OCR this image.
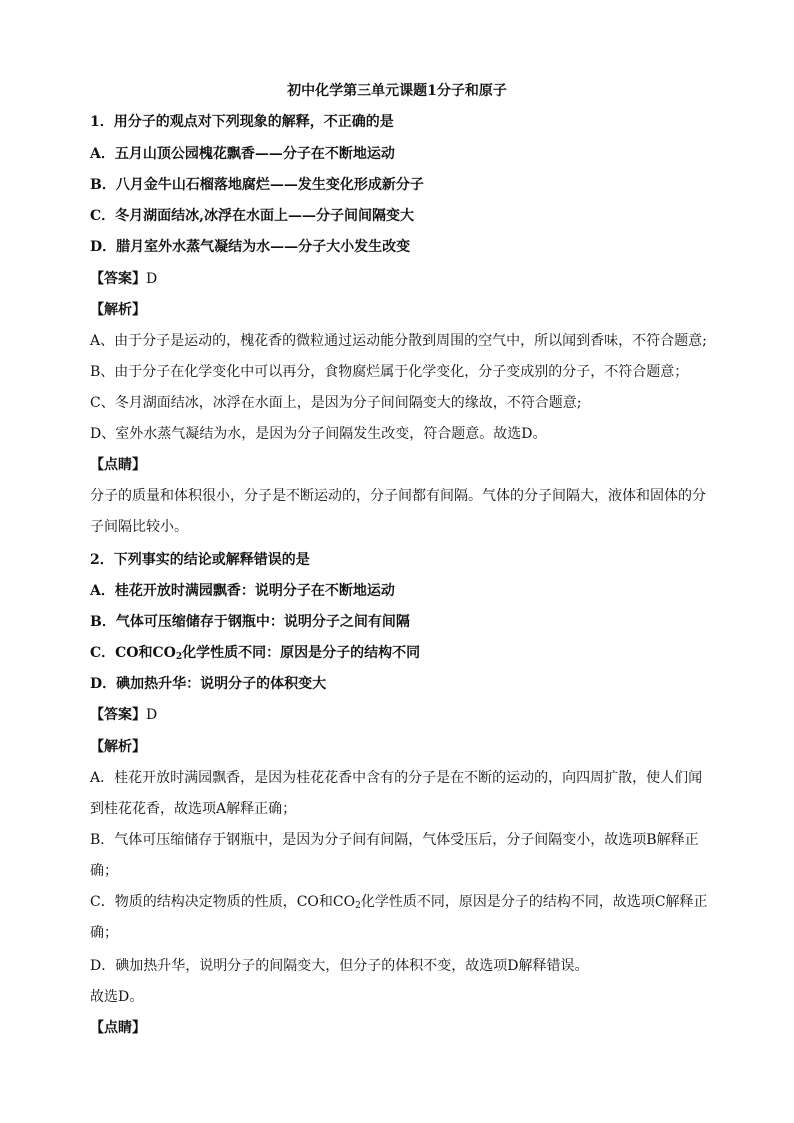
初中化学第三单元课题1分子和原子
1．用分子的观点对下列现象的解释，不正确的是
A．五月山顶公园槐花飘香——分子在不断地运动
B．八月金牛山石榴落地腐烂——发生变化形成新分子
C．冬月湖面结冰,冰浮在水面上——分子间间隔变大
D．腊月室外水蒸气凝结为水——分子大小发生改变
【答案】D
【解析】
A、由于分子是运动的，槐花香的微粒通过运动能分散到周围的空气中，所以闻到香味，不符合题意;
B、由于分子在化学变化中可以再分，食物腐烂属于化学变化，分子变成别的分子，不符合题意；
C、冬月湖面结冰，冰浮在水面上，是因为分子间间隔变大的缘故，不符合题意;
D、室外水蒸气凝结为水，是因为分子间隔发生改变，符合题意。故选D。
【点睛】
分子的质量和体积很小，分子是不断运动的，分子间都有间隔。气体的分子间隔大，液体和固体的分子间隔比较小。
2．下列事实的结论或解释错误的是
A．桂花开放时满园飘香：说明分子在不断地运动
B．气体可压缩储存于钢瓶中：说明分子之间有间隔
C．CO和$CO_2$化学性质不同：原因是分子的结构不同
D．碘加热升华：说明分子的体积变大
【答案】D
【解析】
A．桂花开放时满园飘香，是因为桂花花香中含有的分子是在不断的运动的，向四周扩散，使人们闻到桂花花香，故选项A解释正确；
B．气体可压缩储存于钢瓶中，是因为分子间有间隔，气体受压后，分子间隔变小，故选项B解释正确；
C．物质的结构决定物质的性质，CO和$CO_2$化学性质不同，原因是分子的结构不同，故选项C解释正确；
D．碘加热升华，说明分子的间隔变大，但分子的体积不变，故选项D解释错误。
故选D。
【点睛】
